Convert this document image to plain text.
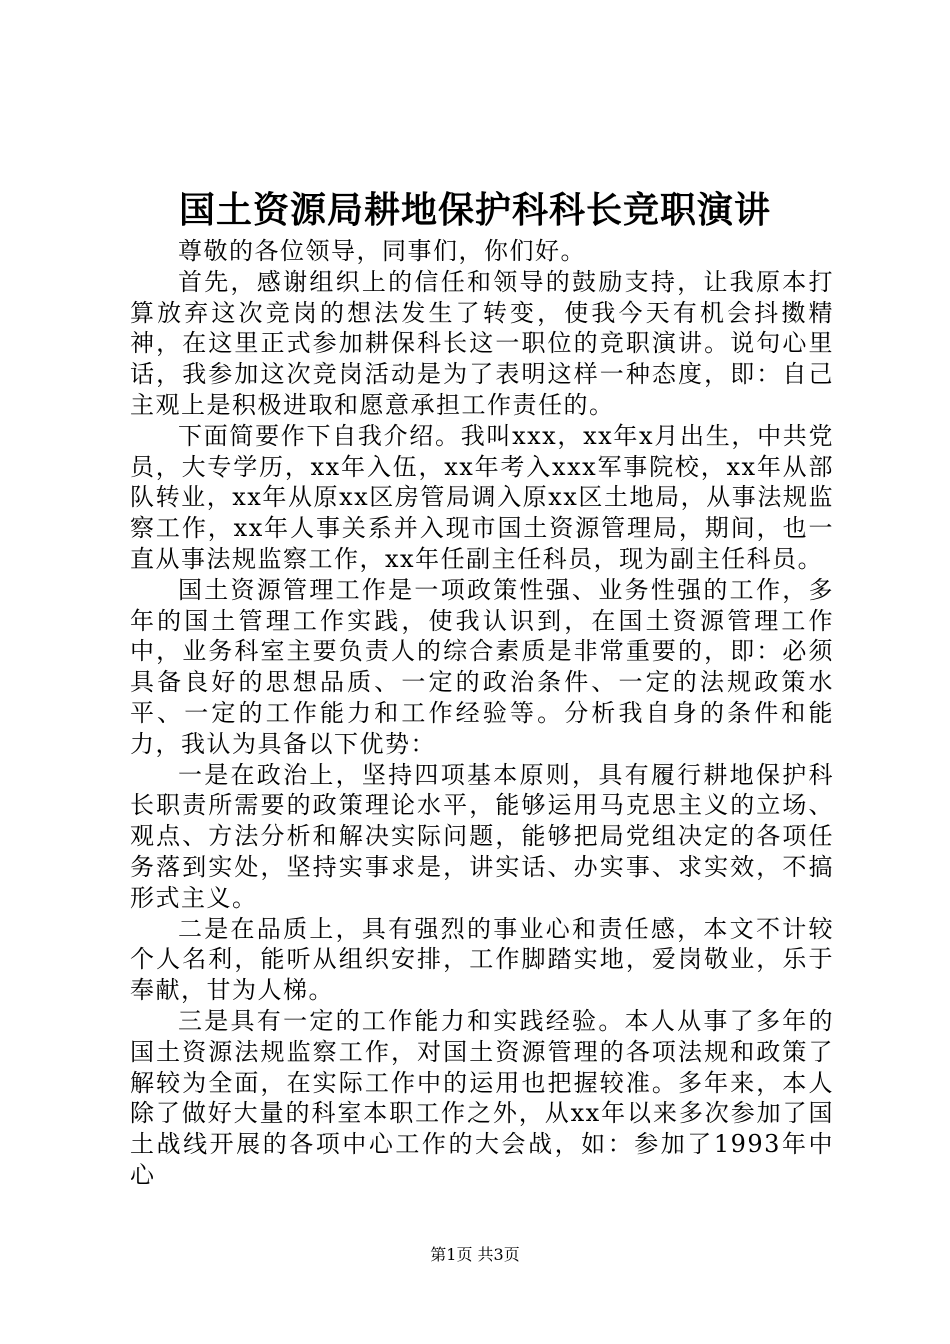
国土资源局耕地保护科科长竞职演讲

尊敬的各位领导，同事们，你们好。

首先，感谢组织上的信任和领导的鼓励支持，让我原本打算放弃这次竞岗的想法发生了转变，使我今天有机会抖擞精神，在这里正式参加耕保科长这一职位的竞职演讲。说句心里话，我参加这次竞岗活动是为了表明这样一种态度，即：自己主观上是积极进取和愿意承担工作责任的。

下面简要作下自我介绍。我叫xxx，xx年x月出生，中共党员，大专学历，xx年入伍，xx年考入xxx军事院校，xx年从部队转业，xx年从原xx区房管局调入原xx区土地局，从事法规监察工作，xx年人事关系并入现市国土资源管理局，期间，也一直从事法规监察工作，xx年任副主任科员，现为副主任科员。

国土资源管理工作是一项政策性强、业务性强的工作，多年的国土管理工作实践，使我认识到，在国土资源管理工作中，业务科室主要负责人的综合素质是非常重要的，即：必须具备良好的思想品质、一定的政治条件、一定的法规政策水平、一定的工作能力和工作经验等。分析我自身的条件和能力，我认为具备以下优势：

一是在政治上，坚持四项基本原则，具有履行耕地保护科长职责所需要的政策理论水平，能够运用马克思主义的立场、观点、方法分析和解决实际问题，能够把局党组决定的各项任务落到实处，坚持实事求是，讲实话、办实事、求实效，不搞形式主义。

二是在品质上，具有强烈的事业心和责任感，本文不计较个人名利，能听从组织安排，工作脚踏实地，爱岗敬业，乐于奉献，甘为人梯。

三是具有一定的工作能力和实践经验。本人从事了多年的国土资源法规监察工作，对国土资源管理的各项法规和政策了解较为全面，在实际工作中的运用也把握较准。多年来，本人除了做好大量的科室本职工作之外，从xx年以来多次参加了国土战线开展的各项中心工作的大会战，如：参加了1993年中心

第1页 共3页
